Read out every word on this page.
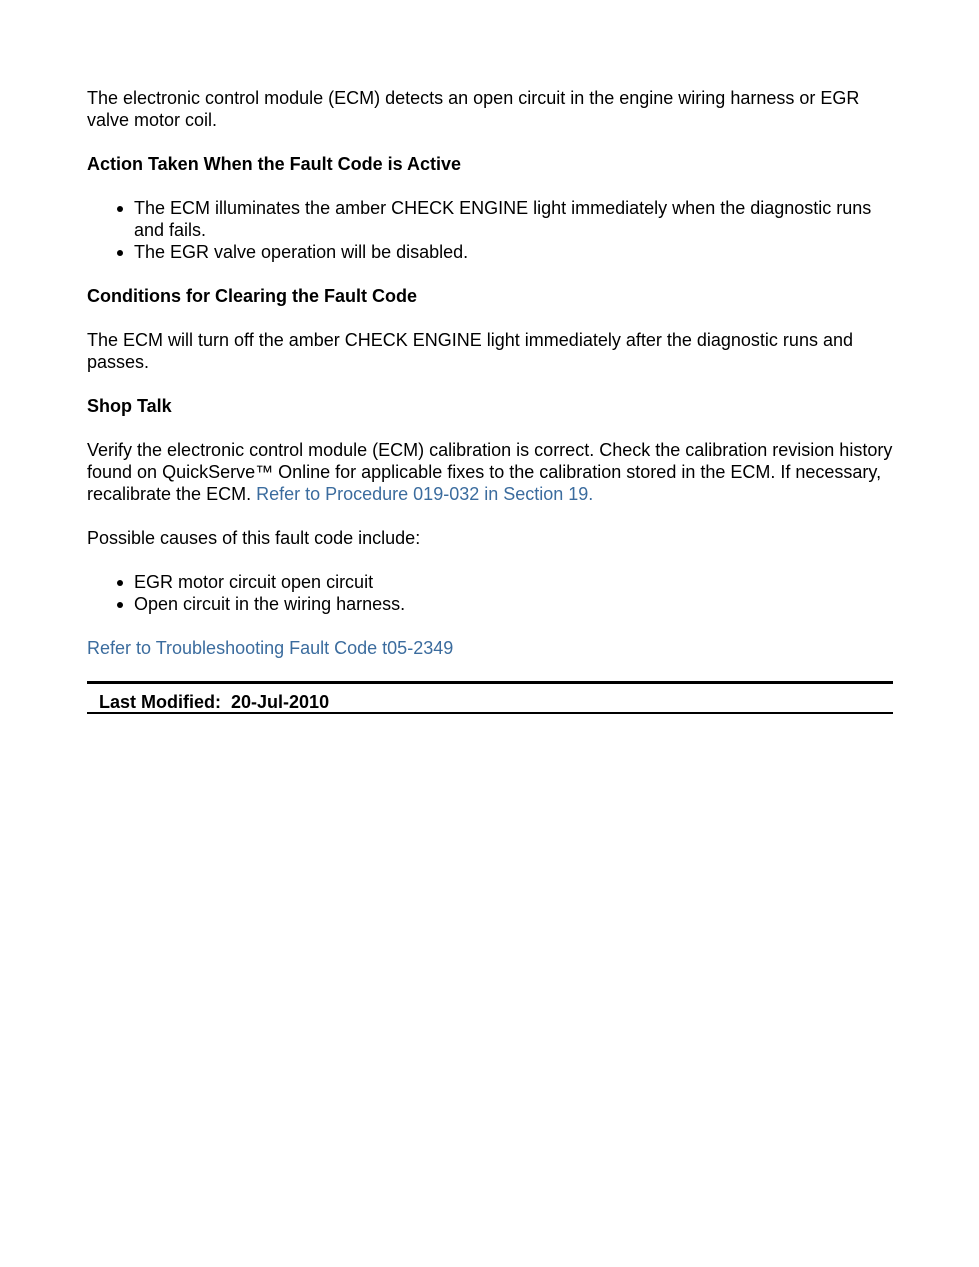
The electronic control module (ECM) detects an open circuit in the engine wiring harness or EGR valve motor coil.

Action Taken When the Fault Code is Active
The ECM illuminates the amber CHECK ENGINE light immediately when the diagnostic runs and fails.
The EGR valve operation will be disabled.
Conditions for Clearing the Fault Code

The ECM will turn off the amber CHECK ENGINE light immediately after the diagnostic runs and passes.

Shop Talk

Verify the electronic control module (ECM) calibration is correct. Check the calibration revision history found on QuickServe™ Online for applicable fixes to the calibration stored in the ECM. If necessary, recalibrate the ECM. Refer to Procedure 019-032 in Section 19.

Possible causes of this fault code include:

EGR motor circuit open circuit
Open circuit in the wiring harness.

Refer to Troubleshooting Fault Code t05-2349

Last Modified: 20-Jul-2010
